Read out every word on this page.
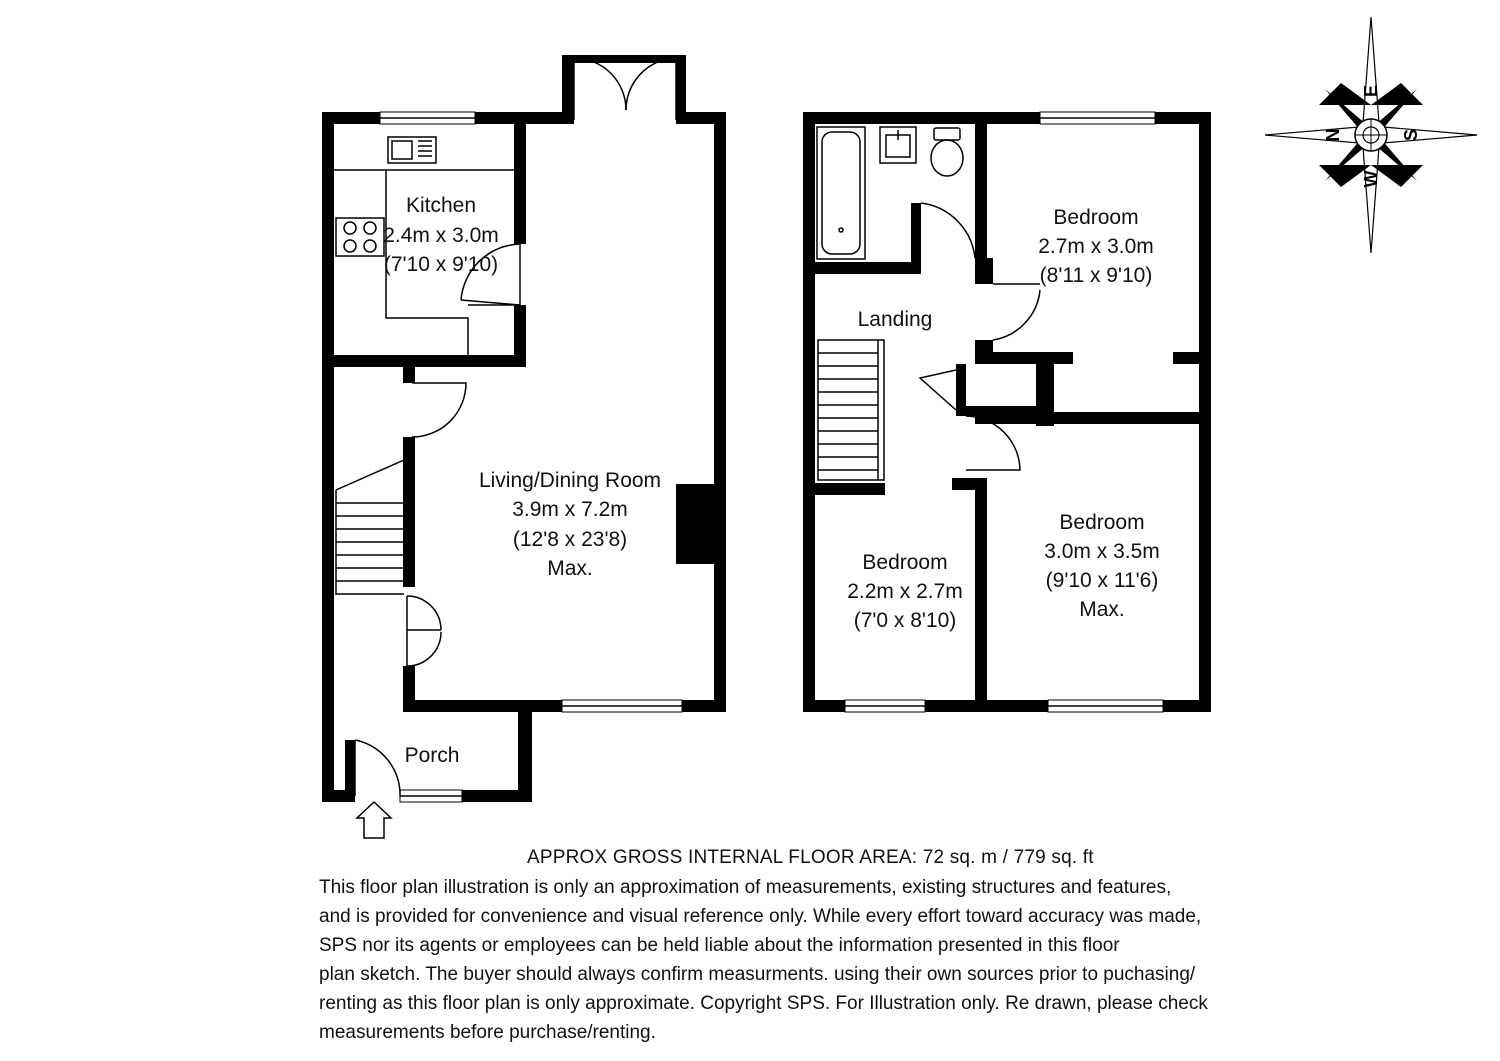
Kitchen
2.4m x 3.0m
(7'10 x 9'10)
Living/Dining Room
3.9m x 7.2m
(12'8 x 23'8)
Max.
Porch
Landing
Bedroom
2.7m x 3.0m
(8'11 x 9'10)
Bedroom
3.0m x 3.5m
(9'10 x 11'6)
Max.
Bedroom
2.2m x 2.7m
(7'0 x 8'10)
N
E
S
W
APPROX GROSS INTERNAL FLOOR AREA: 72 sq. m / 779 sq. ft

This floor plan illustration is only an approximation of measurements, existing structures and features,
and is provided for convenience and visual reference only. While every effort toward accuracy was made,
SPS nor its agents or employees can be held liable about the information presented in this floor
plan sketch. The buyer should always confirm measurments. using their own sources prior to puchasing/
renting as this floor plan is only approximate. Copyright SPS. For Illustration only. Re drawn, please check
measurements before purchase/renting.
